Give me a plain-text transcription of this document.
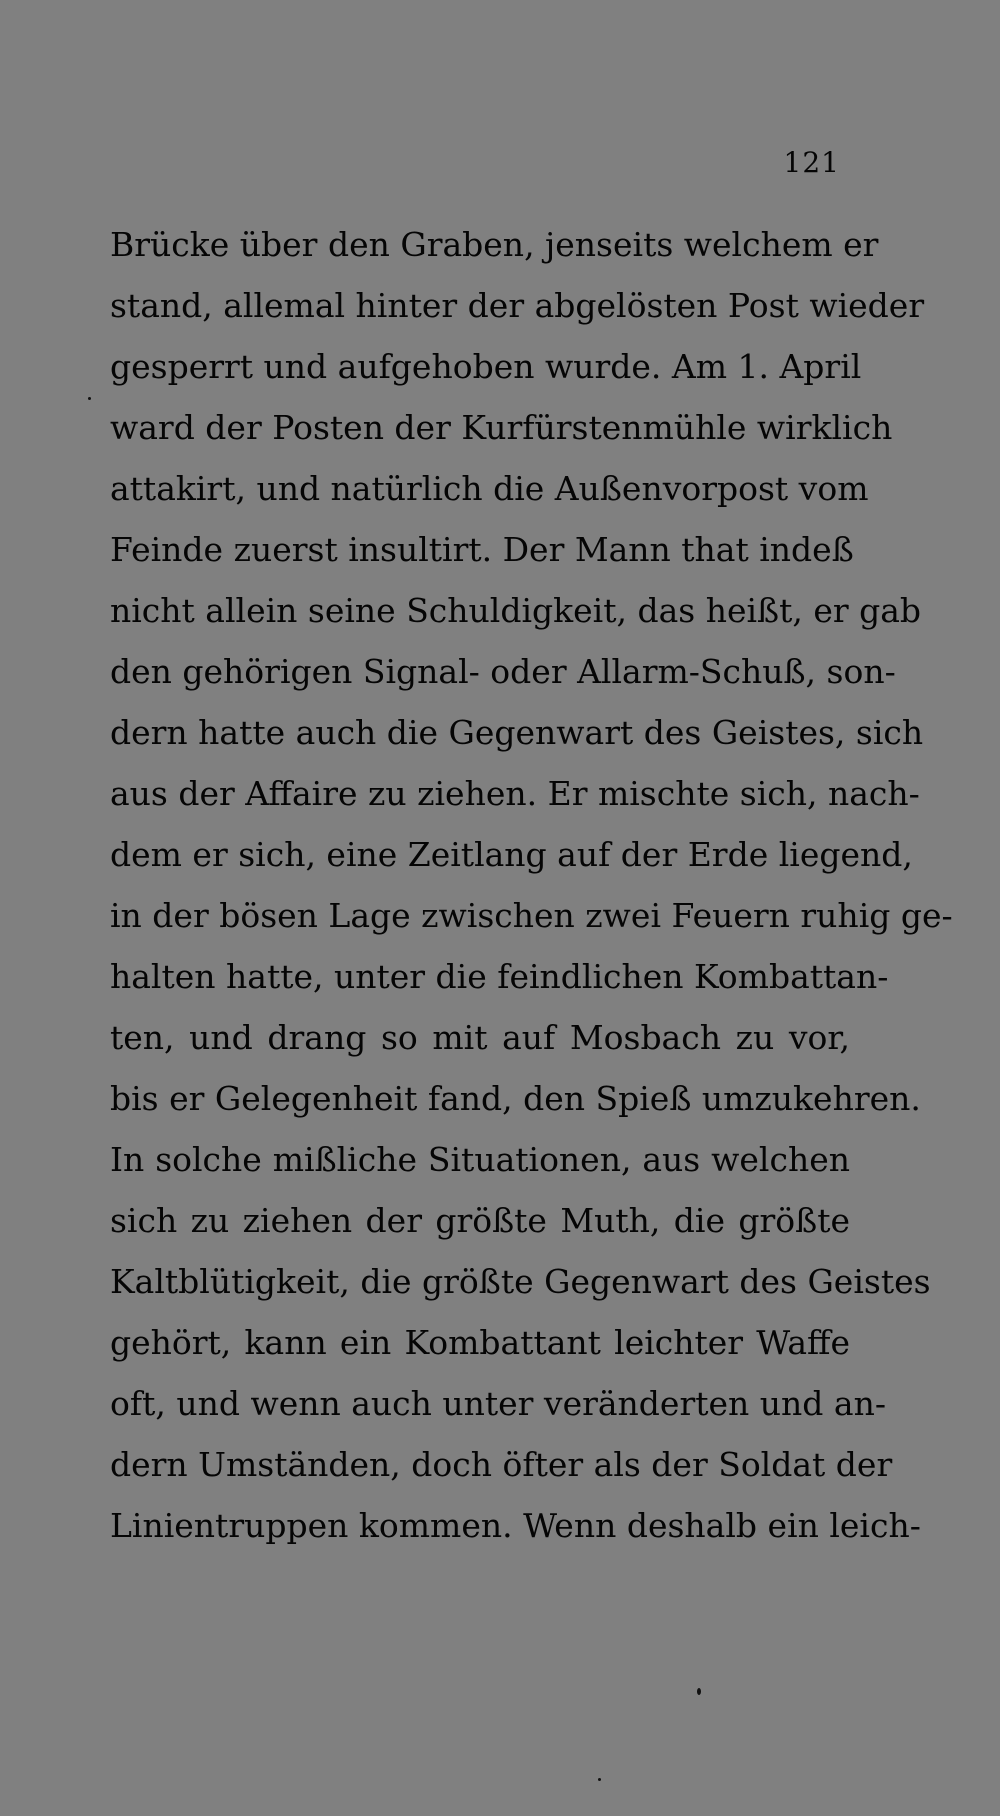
121
Brücke über den Graben, jenseits welchem er
stand, allemal hinter der abgelösten Post wieder
gesperrt und aufgehoben wurde. Am 1. April
ward der Posten der Kurfürstenmühle wirklich
attakirt, und natürlich die Außenvorpost vom
Feinde zuerst insultirt. Der Mann that indeß
nicht allein seine Schuldigkeit, das heißt, er gab
den gehörigen Signal- oder Allarm-Schuß, son-
dern hatte auch die Gegenwart des Geistes, sich
aus der Affaire zu ziehen. Er mischte sich, nach-
dem er sich, eine Zeitlang auf der Erde liegend,
in der bösen Lage zwischen zwei Feuern ruhig ge-
halten hatte, unter die feindlichen Kombattan-
ten, und drang so mit auf Mosbach zu vor,
bis er Gelegenheit fand, den Spieß umzukehren.
In solche mißliche Situationen, aus welchen
sich zu ziehen der größte Muth, die größte
Kaltblütigkeit, die größte Gegenwart des Geistes
gehört, kann ein Kombattant leichter Waffe
oft, und wenn auch unter veränderten und an-
dern Umständen, doch öfter als der Soldat der
Linientruppen kommen. Wenn deshalb ein leich-
